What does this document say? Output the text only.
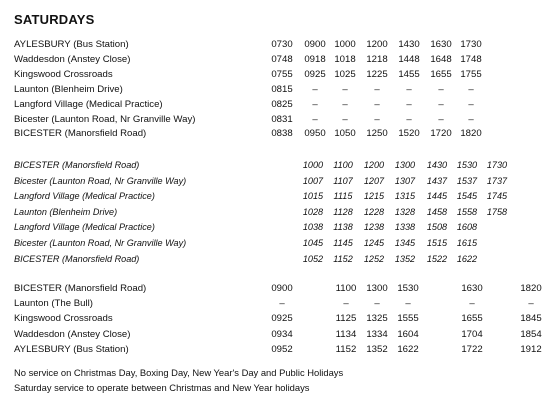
SATURDAYS
AYLESBURY (Bus Station)	0730	0900 1000	1200	1430	1630 1730
Waddesdon (Anstey Close)	0748	0918 1018	1218	1448	1648 1748
Kingswood Crossroads	0755	0925 1025	1225	1455	1655 1755
Launton (Blenheim Drive)	0815	–	–	–	–	–	–
Langford Village (Medical Practice)	0825	–	–	–	–	–	–
Bicester (Launton Road, Nr Granville Way)	0831	–	–	–	–	–	–
BICESTER (Manorsfield Road)	0838	0950 1050	1250	1520	1720 1820
BICESTER (Manorsfield Road)	1000	1100	1200	1300	1430	1530	1730
Bicester (Launton Road, Nr Granville Way)	1007	1107	1207	1307	1437	1537	1737
Langford Village (Medical Practice)	1015	1115	1215	1315	1445	1545	1745
Launton (Blenheim Drive)	1028	1128	1228	1328	1458	1558	1758
Langford Village (Medical Practice)	1038	1138	1238	1338	1508	1608
Bicester (Launton Road, Nr Granville Way)	1045	1145	1245	1345	1515	1615
BICESTER (Manorsfield Road)	1052	1152	1252	1352	1522	1622
BICESTER (Manorsfield Road)	0900	1100	1300	1530	1630	1820
Launton (The Bull)	–	–	–	–	–	–
Kingswood Crossroads	0925	1125	1325	1555	1655	1845
Waddesdon (Anstey Close)	0934	1134	1334	1604	1704	1854
AYLESBURY (Bus Station)	0952	1152	1352	1622	1722	1912
No service on Christmas Day, Boxing Day, New Year's Day and Public Holidays
Saturday service to operate between Christmas and New Year holidays
